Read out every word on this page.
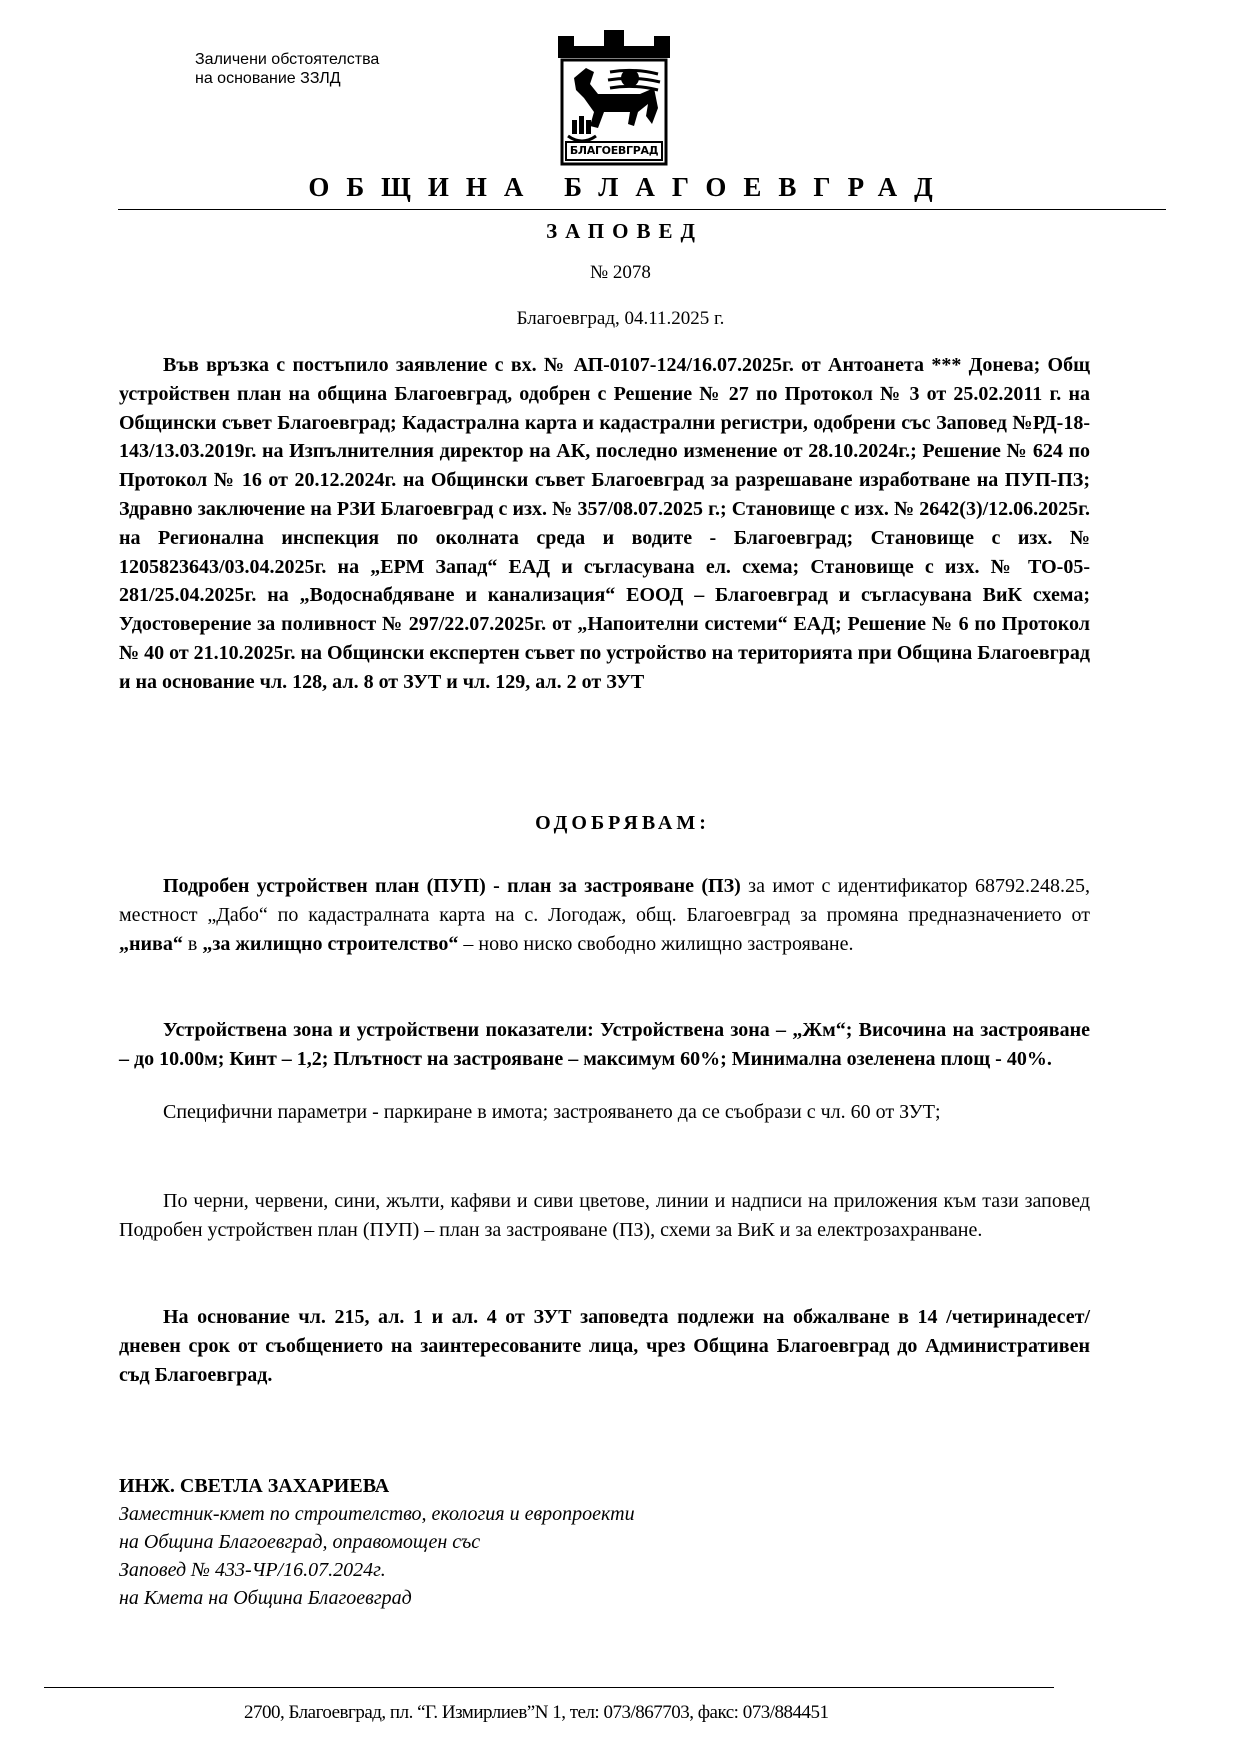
Заличени обстоятелства
на основание ЗЗЛД
БЛАГОЕВГРАД
ОБЩИНА БЛАГОЕВГРАД
ЗАПОВЕД
№ 2078
Благоевград, 04.11.2025 г.

Във връзка с постъпило заявление с вх. № АП-0107-124/16.07.2025г. от Антоанета *** Донева; Общ устройствен план на община Благоевград, одобрен с Решение № 27 по Протокол № 3 от 25.02.2011 г. на Общински съвет Благоевград; Кадастрална карта и кадастрални регистри, одобрени със Заповед №РД-18-143/13.03.2019г. на Изпълнителния директор на АК, последно изменение от 28.10.2024г.; Решение № 624 по Протокол № 16 от 20.12.2024г. на Общински съвет Благоевград за разрешаване изработване на ПУП-ПЗ; Здравно заключение на РЗИ Благоевград с изх. № 357/08.07.2025 г.; Становище с изх. № 2642(3)/12.06.2025г. на Регионална инспекция по околната среда и водите - Благоевград; Становище с изх. № 1205823643/03.04.2025г. на „ЕРМ Запад“ ЕАД и съгласувана ел. схема; Становище с изх. № ТО-05-281/25.04.2025г. на „Водоснабдяване и канализация“ ЕООД – Благоевград и съгласувана ВиК схема; Удостоверение за поливност № 297/22.07.2025г. от „Напоителни системи“ ЕАД; Решение № 6 по Протокол № 40 от 21.10.2025г. на Общински експертен съвет по устройство на територията при Община Благоевград и на основание чл. 128, ал. 8 от ЗУТ и чл. 129, ал. 2 от ЗУТ

ОДОБРЯВАМ:

Подробен устройствен план (ПУП) - план за застрояване (ПЗ) за имот с идентификатор 68792.248.25, местност „Дабо“ по кадастралната карта на с. Логодаж, общ. Благоевград за промяна предназначението от „нива“ в „за жилищно строителство“ – ново ниско свободно жилищно застрояване.

Устройствена зона и устройствени показатели: Устройствена зона – „Жм“; Височина на застрояване – до 10.00м; Кинт – 1,2; Плътност на застрояване – максимум 60%; Минимална озеленена площ - 40%.

Специфични параметри - паркиране в имота; застрояването да се съобрази с чл. 60 от ЗУТ;

По черни, червени, сини, жълти, кафяви и сиви цветове, линии и надписи на приложения към тази заповед Подробен устройствен план (ПУП) – план за застрояване (ПЗ), схеми за ВиК и за електрозахранване.

На основание чл. 215, ал. 1 и ал. 4 от ЗУТ заповедта подлежи на обжалване в 14 /четиринадесет/ дневен срок от съобщението на заинтересованите лица, чрез Община Благоевград до Административен съд Благоевград.

ИНЖ. СВЕТЛА ЗАХАРИЕВА
Заместник-кмет по строителство, екология и европроекти
на Община Благоевград, оправомощен със
Заповед № 433-ЧР/16.07.2024г.
на Кмета на Община Благоевград
2700, Благоевград, пл. “Г. Измирлиев”N 1, тел: 073/867703, факс: 073/884451
